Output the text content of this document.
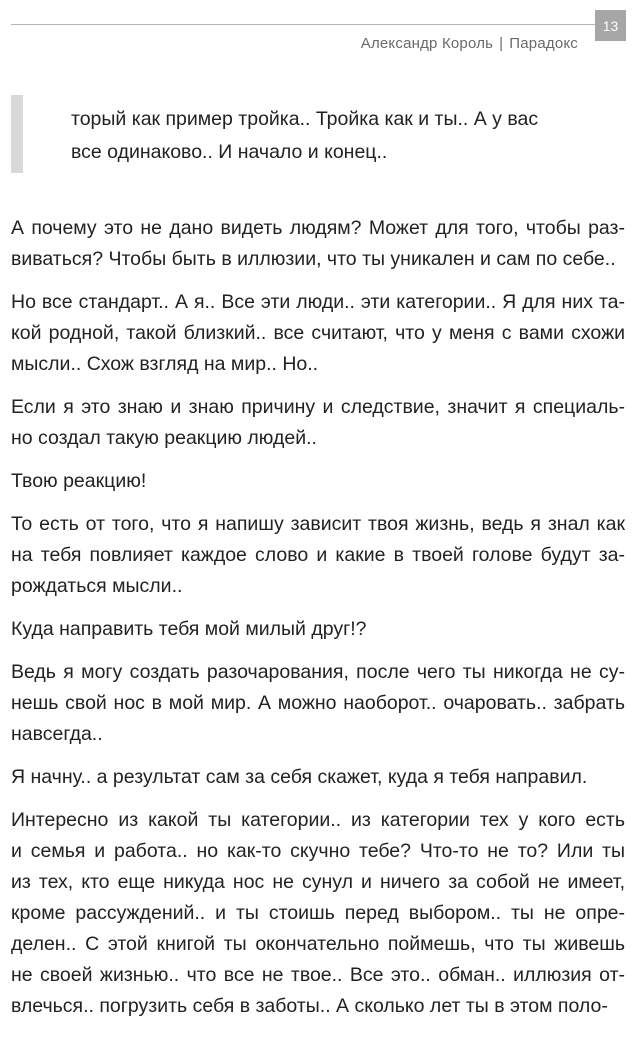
13
Александр Король | Парадокс
торый как пример тройка.. Тройка как и ты.. А у вас
все одинаково.. И начало и конец..

А почему это не дано видеть людям? Может для того, чтобы раз-
виваться? Чтобы быть в иллюзии, что ты уникален и сам по себе..

Но все стандарт.. А я.. Все эти люди.. эти категории.. Я для них та-
кой родной, такой близкий.. все считают, что у меня с вами схожи
мысли.. Схож взгляд на мир.. Но..

Если я это знаю и знаю причину и следствие, значит я специаль-
но создал такую реакцию людей..

Твою реакцию!

То есть от того, что я напишу зависит твоя жизнь, ведь я знал как
на тебя повлияет каждое слово и какие в твоей голове будут за-
рождаться мысли..

Куда направить тебя мой милый друг!?

Ведь я могу создать разочарования, после чего ты никогда не су-
нешь свой нос в мой мир. А можно наоборот.. очаровать.. забрать
навсегда..

Я начну.. а результат сам за себя скажет, куда я тебя направил.

Интересно из какой ты категории.. из категории тех у кого есть
и семья и работа.. но как-то скучно тебе? Что-то не то? Или ты
из тех, кто еще никуда нос не сунул и ничего за собой не имеет,
кроме рассуждений.. и ты стоишь перед выбором.. ты не опре-
делен.. С этой книгой ты окончательно поймешь, что ты живешь
не своей жизнью.. что все не твое.. Все это.. обман.. иллюзия от-
влечься.. погрузить себя в заботы.. А сколько лет ты в этом поло-
